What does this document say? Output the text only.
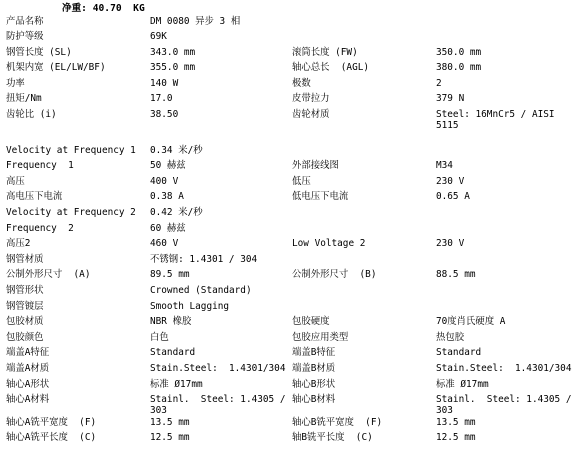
净重: 40.70  KG
产品名称	DM 0080 异步 3 相		
防护等级	69K		
钢管长度 (SL)	343.0 mm	滚筒长度 (FW)	350.0 mm
机架内宽 (EL/LW/BF)	355.0 mm	轴心总长  (AGL)	380.0 mm
功率	140 W	极数	2
扭矩/Nm	17.0	皮带拉力	379 N
齿轮比 (i)	38.50	齿轮材质	Steel: 16MnCr5 / AISI 5115

Velocity at Frequency 1	0.34 米/秒		
Frequency  1	50 赫兹	外部接线图	M34
高压	400 V	低压	230 V
高电压下电流	0.38 A	低电压下电流	0.65 A
Velocity at Frequency 2	0.42 米/秒		
Frequency  2	60 赫兹		
高压2	460 V	Low Voltage 2	230 V
钢管材质	不锈钢: 1.4301 / 304		
公制外形尺寸  (A)	89.5 mm	公制外形尺寸  (B)	88.5 mm
钢管形状	Crowned (Standard)		
钢管镀层	Smooth Lagging		
包胶材质	NBR 橡胶	包胶硬度	70度肖氏硬度 A
包胶颜色	白色	包胶应用类型	热包胶
端盖A特征	Standard	端盖B特征	Standard
端盖A材质	Stain.Steel:  1.4301/304	端盖B材质	Stain.Steel:  1.4301/304
轴心A形状	标准 Ø17mm	轴心B形状	标准 Ø17mm
轴心A材料	Stainl.  Steel: 1.4305 / 303	轴心B材料	Stainl.  Steel: 1.4305 / 303
轴心A铣平宽度  (F)	13.5 mm	轴心B铣平宽度  (F)	13.5 mm
轴心A铣平长度  (C)	12.5 mm	轴B铣平长度  (C)	12.5 mm
